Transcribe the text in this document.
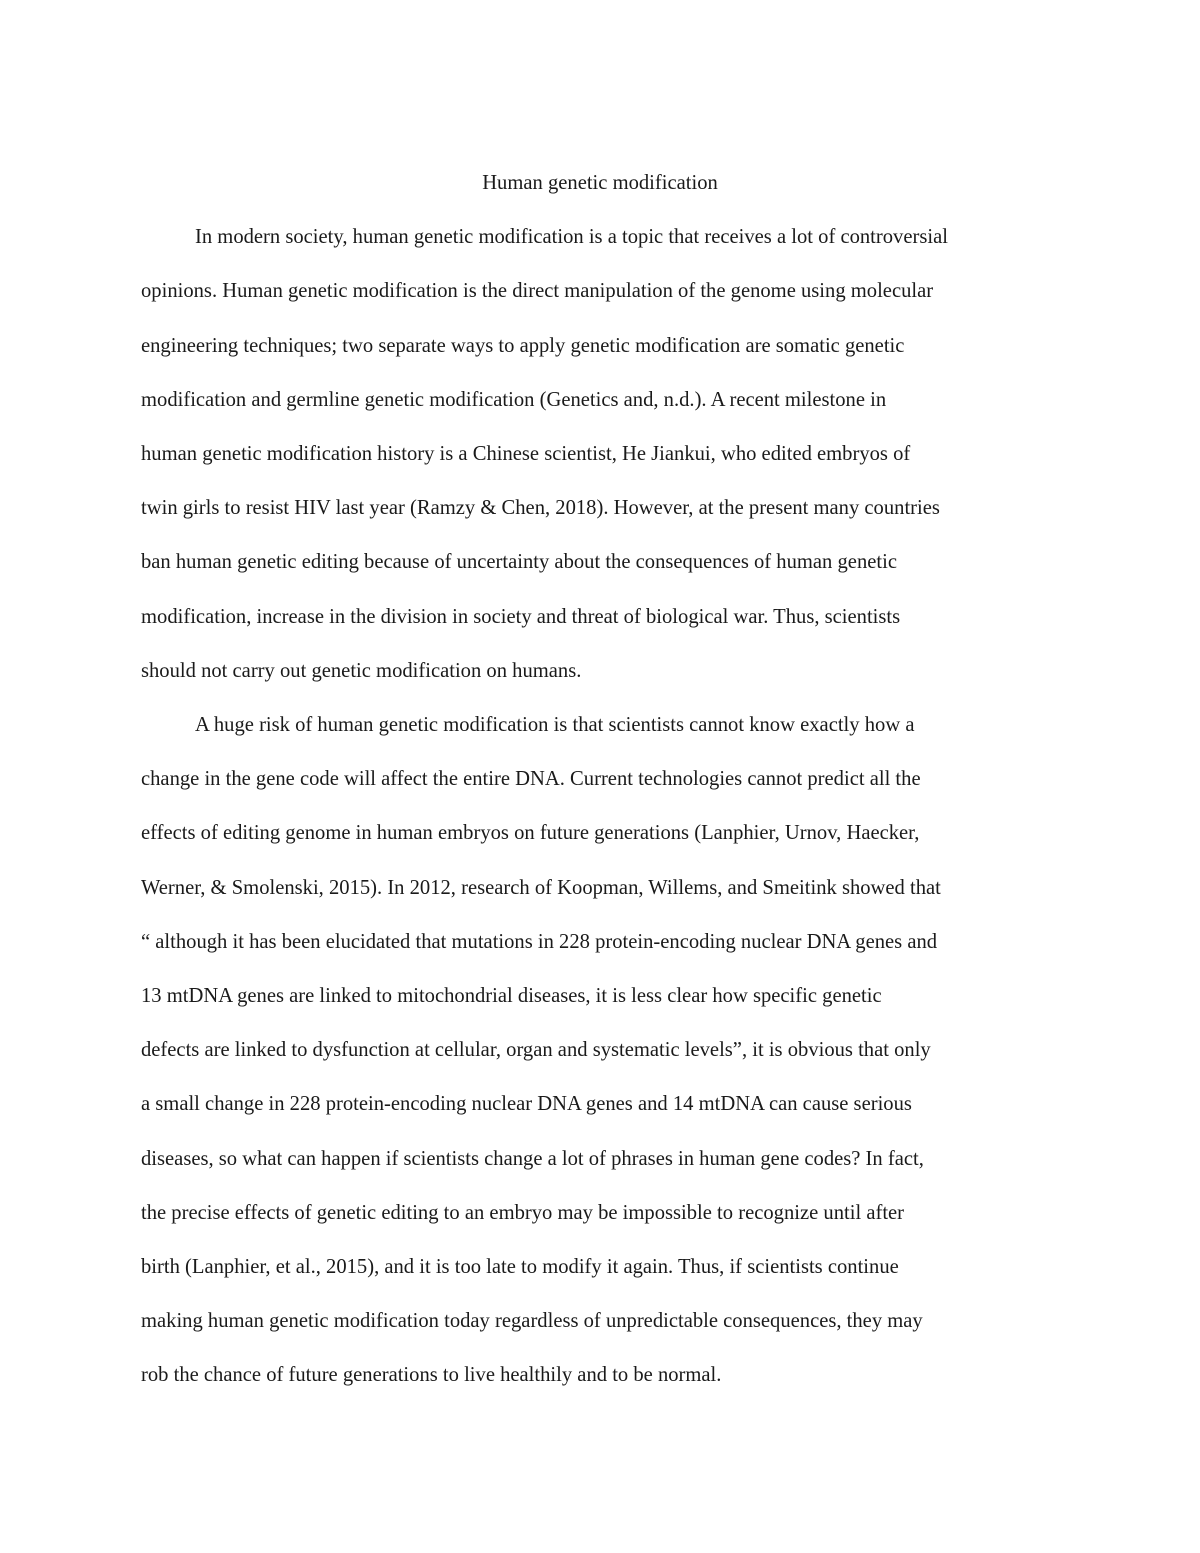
Human genetic modification

In modern society, human genetic modification is a topic that receives a lot of controversial
opinions. Human genetic modification is the direct manipulation of the genome using molecular
engineering techniques; two separate ways to apply genetic modification are somatic genetic
modification and germline genetic modification (Genetics and, n.d.). A recent milestone in
human genetic modification history is a Chinese scientist, He Jiankui, who edited embryos of
twin girls to resist HIV last year (Ramzy & Chen, 2018). However, at the present many countries
ban human genetic editing because of uncertainty about the consequences of human genetic
modification, increase in the division in society and threat of biological war. Thus, scientists
should not carry out genetic modification on humans.

A huge risk of human genetic modification is that scientists cannot know exactly how a
change in the gene code will affect the entire DNA. Current technologies cannot predict all the
effects of editing genome in human embryos on future generations (Lanphier, Urnov, Haecker,
Werner, & Smolenski, 2015). In 2012, research of Koopman, Willems, and Smeitink showed that
“ although it has been elucidated that mutations in 228 protein-encoding nuclear DNA genes and
13 mtDNA genes are linked to mitochondrial diseases, it is less clear how specific genetic
defects are linked to dysfunction at cellular, organ and systematic levels”, it is obvious that only
a small change in 228 protein-encoding nuclear DNA genes and 14 mtDNA can cause serious
diseases, so what can happen if scientists change a lot of phrases in human gene codes? In fact,
the precise effects of genetic editing to an embryo may be impossible to recognize until after
birth (Lanphier, et al., 2015), and it is too late to modify it again. Thus, if scientists continue
making human genetic modification today regardless of unpredictable consequences, they may
rob the chance of future generations to live healthily and to be normal.
